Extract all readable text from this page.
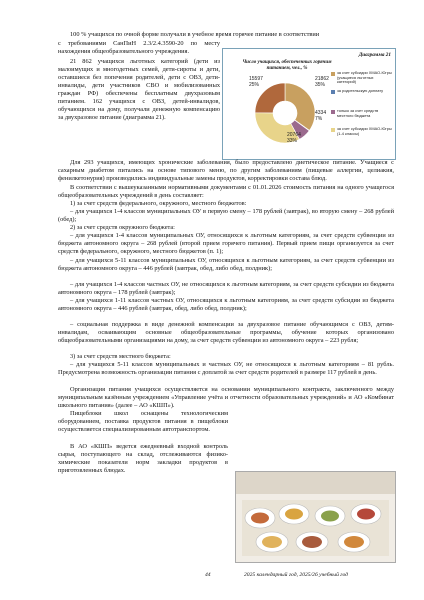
100 % учащихся по очной форме получали в учебное время горячее питание в соответствии
с требованиями СанПиН 2.3/2.4.3590-20 по месту нахождения общеобразовательного учреждения.
21 862 учащихся льготных категорий (дети из малоимущих и многодетных семей, дети-сироты и дети, оставшиеся без попечения родителей, дети с ОВЗ, дети-инвалиды, дети участников СВО и мобилизованных граждан РФ) обеспечены бесплатным двухразовым питанием. 162 учащихся с ОВЗ, детей-инвалидов, обучающихся на дому, получали денежную компенсацию за двухразовое питание (диаграмма 21).
Диаграмма 21
Число учащихся, обеспеченных горячим питанием, чел., %
15597
25%
21862
35%
4334
7%
20764
33%
за счет субсидии ХМАО-Югры (учащиеся льготных категорий)
за родительскую доплату
только за счет средств местного бюджета
за счет субсидии ХМАО-Югры (1-4 классы)
Для 293 учащихся, имеющих хронические заболевания, было предоставлено диетическое питание. Учащиеся с сахарным диабетом питались на основе типового меню, по другим заболеваниям (пищевые аллергии, целиакия, фенилкетонурия) производились индивидуальные замены продуктов, корректировки состава блюд.
В соответствии с вышеуказанными нормативными документами с 01.01.2026 стоимость питания на одного учащегося общеобразовательных учреждений в день составляет:
1) за счет средств федерального, окружного, местного бюджетов:
– для учащихся 1-4 классов муниципальных ОУ в первую смену – 178 рублей (завтрак), во вторую смену – 268 рублей (обед);
2) за счет средств окружного бюджета:
– для учащихся 1-4 классов муниципальных ОУ, относящихся к льготным категориям, за счет средств субвенции из бюджета автономного округа – 268 рублей (второй прием горячего питания). Первый прием пищи организуется за счет средств федерального, окружного, местного бюджетов (п. 1);
– для учащихся 5-11 классов муниципальных ОУ, относящихся к льготным категориям, за счет средств субвенции из бюджета автономного округа – 446 рублей (завтрак, обед, либо обед, полдник);
– для учащихся 1-4 классов частных ОУ, не относящихся к льготным категориям, за счет средств субсидии из бюджета автономного округа – 178 рублей (завтрак);
– для учащихся 1-11 классов частных ОУ, относящихся к льготным категориям, за счет средств субсидии из бюджета автономного округа – 446 рублей (завтрак, обед, либо обед, полдник);
– социальная поддержка в виде денежной компенсации за двухразовое питание обучающимся с ОВЗ, детям-инвалидам, осваивающим основные общеобразовательные программы, обучение которых организовано общеобразовательными организациями на дому, за счет средств субвенции из автономного округа – 223 рубля;
3) за счет средств местного бюджета:
– для учащихся 5-11 классов муниципальных и частных ОУ, не относящихся к льготным категориям – 81 рубль. Предусмотрена возможность организации питания с доплатой за счет средств родителей в размере 117 рублей в день.
Организация питания учащихся осуществляется на основании муниципального контракта, заключенного между муниципальным казённым учреждением «Управление учёта и отчетности образовательных учреждений» и АО «Комбинат школьного питания» (далее – АО «КШП»).
Пищеблоки школ оснащены технологическим оборудованием, поставка продуктов питания в пищеблоки осуществляется специализированным автотранспортом.
В АО «КШП» ведется ежедневный входной контроль сырья, поступающего на склад, отслеживаются физико-химические показатели норм закладки продуктов в приготовленных блюдах.
44	2025 календарный год, 2025/26 учебный год
